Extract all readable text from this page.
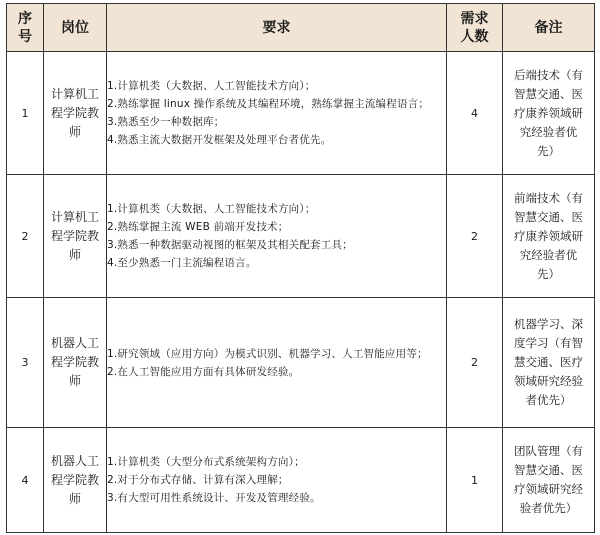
序号	岗位	要求	需求人数	备注
1	计算机工程学院教师	1.计算机类（大数据、人工智能技术方向）；
2.熟练掌握 linux 操作系统及其编程环境，熟练掌握主流编程语言；
3.熟悉至少一种数据库；
4.熟悉主流大数据开发框架及处理平台者优先。	4	后端技术（有智慧交通、医疗康养领域研究经验者优先）
2	计算机工程学院教师	1.计算机类（大数据、人工智能技术方向）；
2.熟练掌握主流 WEB 前端开发技术；
3.熟悉一种数据驱动视图的框架及其相关配套工具；
4.至少熟悉一门主流编程语言。	2	前端技术（有智慧交通、医疗康养领域研究经验者优先）
3	机器人工程学院教师	1.研究领域（应用方向）为模式识别、机器学习、人工智能应用等；
2.在人工智能应用方面有具体研发经验。	2	机器学习、深度学习（有智慧交通、医疗领域研究经验者优先）
4	机器人工程学院教师	1.计算机类（大型分布式系统架构方向）；
2.对于分布式存储、计算有深入理解；
3.有大型可用性系统设计、开发及管理经验。	1	团队管理（有智慧交通、医疗领域研究经验者优先）
